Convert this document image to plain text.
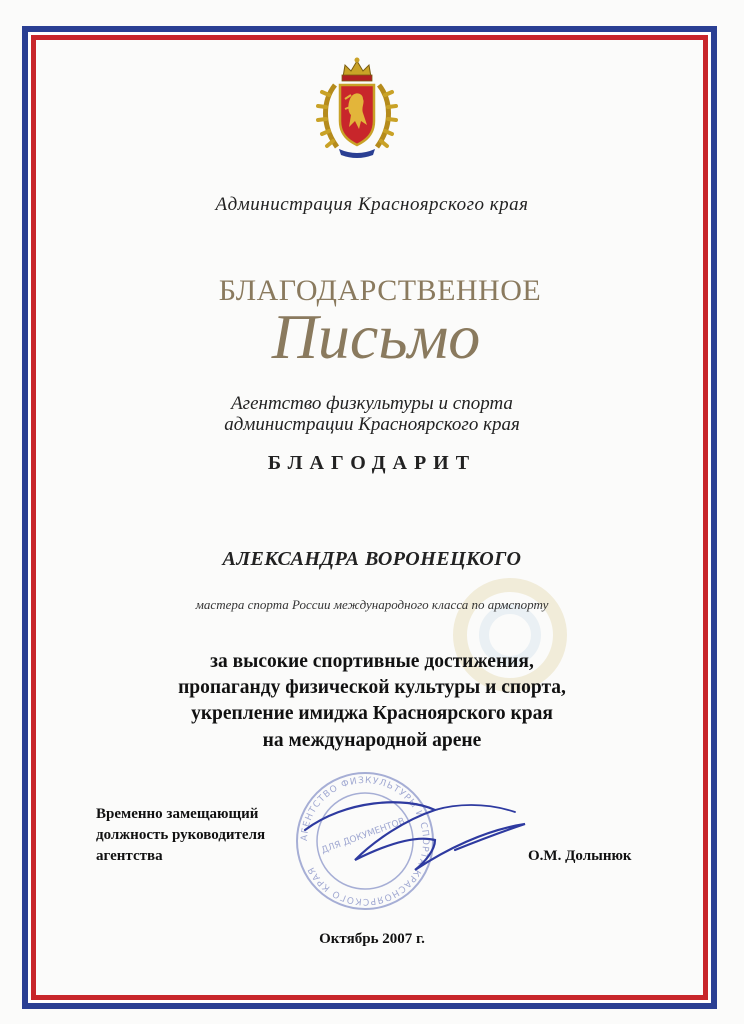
Администрация Красноярского края

БЛАГОДАРСТВЕННОЕ

Письмо

Агентство физкультуры и спорта

администрации Красноярского края

БЛАГОДАРИТ

АЛЕКСАНДРА ВОРОНЕЦКОГО

мастера спорта России международного класса по армспорту

за высокие спортивные достижения,

пропаганду физической культуры и спорта,

укрепление имиджа Красноярского края

на международной арене

АГЕНТСТВО ФИЗКУЛЬТУРЫ И СПОРТА КРАСНОЯРСКОГО КРАЯ
ДЛЯ ДОКУМЕНТОВ

Временно замещающий

должность руководителя

агентства	О.М. Долынюк

Октябрь 2007 г.
